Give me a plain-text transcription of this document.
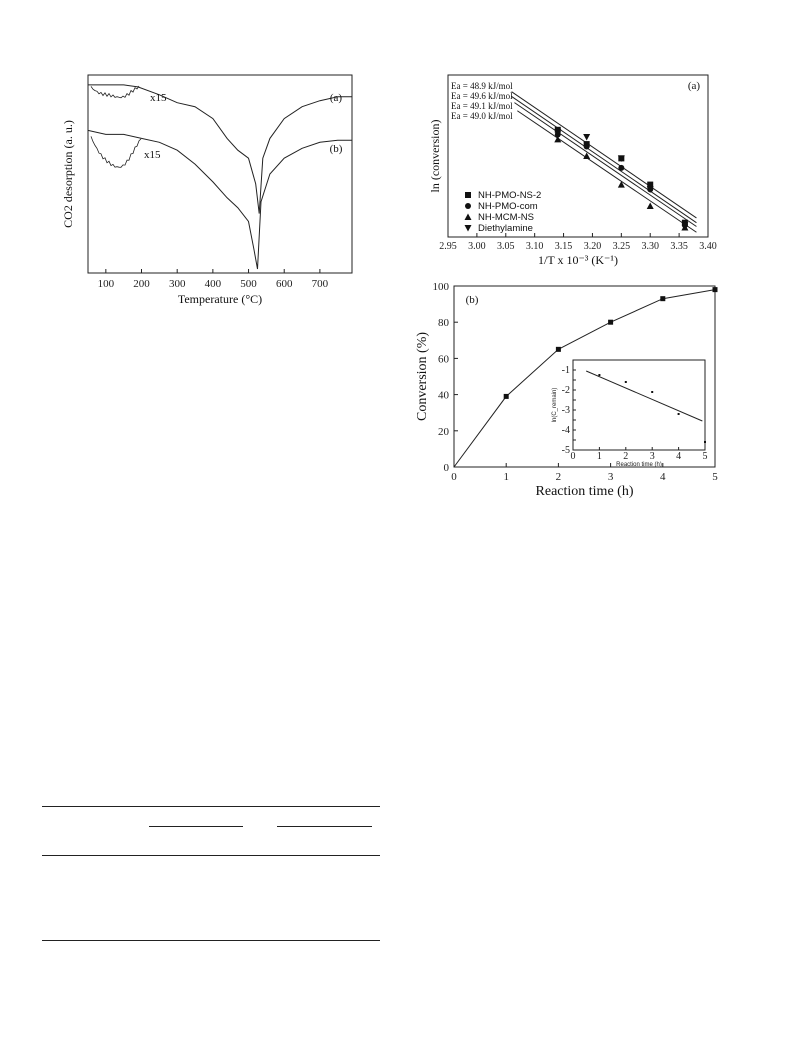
100 200 300 400 500 600 700
Temperature (°C)
CO2 desorption (a. u.)
x15
x15
(a)
(b)
2.95 3.00 3.05 3.10 3.15 3.20 3.25 3.30 3.35 3.40
1/T x 10⁻³ (K⁻¹)
ln (conversion)
(a)
Ea = 48.9 kJ/mol
Ea = 49.6 kJ/mol
Ea = 49.1 kJ/mol
Ea = 49.0 kJ/mol
NH-PMO-NS-2
NH-PMO-com
NH-MCM-NS
Diethylamine
0	1	2	3	4	5
0
20
40
60
80
100
Reaction time (h)
Conversion (%)
(b)
0 1 2 3 4 5
-1
-2
-3
-4
-5
Reaction time (h)
ln(C_remain)
